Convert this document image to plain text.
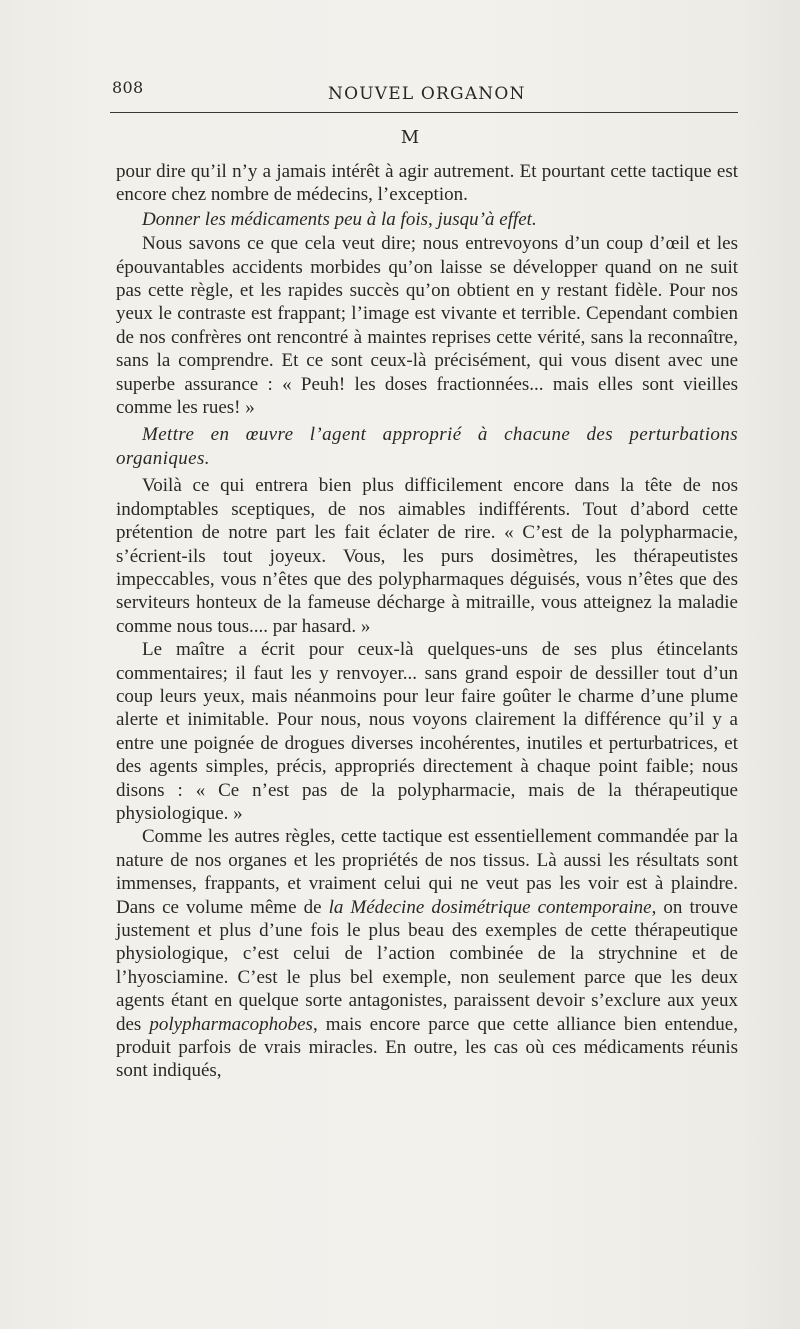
808	NOUVEL ORGANON
M

pour dire qu’il n’y a jamais intérêt à agir autrement. Et pourtant cette tactique est encore chez nombre de médecins, l’exception.

Donner les médicaments peu à la fois, jusqu’à effet.

Nous savons ce que cela veut dire; nous entrevoyons d’un coup d’œil et les épouvantables accidents morbides qu’on laisse se développer quand on ne suit pas cette règle, et les rapides succès qu’on obtient en y restant fidèle. Pour nos yeux le contraste est frappant; l’image est vivante et terrible. Cependant combien de nos confrères ont rencontré à maintes reprises cette vérité, sans la reconnaître, sans la comprendre. Et ce sont ceux-là précisément, qui vous disent avec une superbe assurance : « Peuh! les doses fractionnées... mais elles sont vieilles comme les rues! »

Mettre en œuvre l’agent approprié à chacune des perturbations organiques.

Voilà ce qui entrera bien plus difficilement encore dans la tête de nos indomptables sceptiques, de nos aimables indifférents. Tout d’abord cette prétention de notre part les fait éclater de rire. « C’est de la polypharmacie, s’écrient-ils tout joyeux. Vous, les purs dosimètres, les thérapeutistes impeccables, vous n’êtes que des polypharmaques déguisés, vous n’êtes que des serviteurs honteux de la fameuse décharge à mitraille, vous atteignez la maladie comme nous tous.... par hasard. »

Le maître a écrit pour ceux-là quelques-uns de ses plus étincelants commentaires; il faut les y renvoyer... sans grand espoir de dessiller tout d’un coup leurs yeux, mais néanmoins pour leur faire goûter le charme d’une plume alerte et inimitable. Pour nous, nous voyons clairement la différence qu’il y a entre une poignée de drogues diverses incohérentes, inutiles et perturbatrices, et des agents simples, précis, appropriés directement à chaque point faible; nous disons : « Ce n’est pas de la polypharmacie, mais de la thérapeutique physiologique. »

Comme les autres règles, cette tactique est essentiellement commandée par la nature de nos organes et les propriétés de nos tissus. Là aussi les résultats sont immenses, frappants, et vraiment celui qui ne veut pas les voir est à plaindre. Dans ce volume même de la Médecine dosimétrique contemporaine, on trouve justement et plus d’une fois le plus beau des exemples de cette thérapeutique physiologique, c’est celui de l’action combinée de la strychnine et de l’hyosciamine. C’est le plus bel exemple, non seulement parce que les deux agents étant en quelque sorte antagonistes, paraissent devoir s’exclure aux yeux des polypharmacophobes, mais encore parce que cette alliance bien entendue, produit parfois de vrais miracles. En outre, les cas où ces médicaments réunis sont indiqués,
